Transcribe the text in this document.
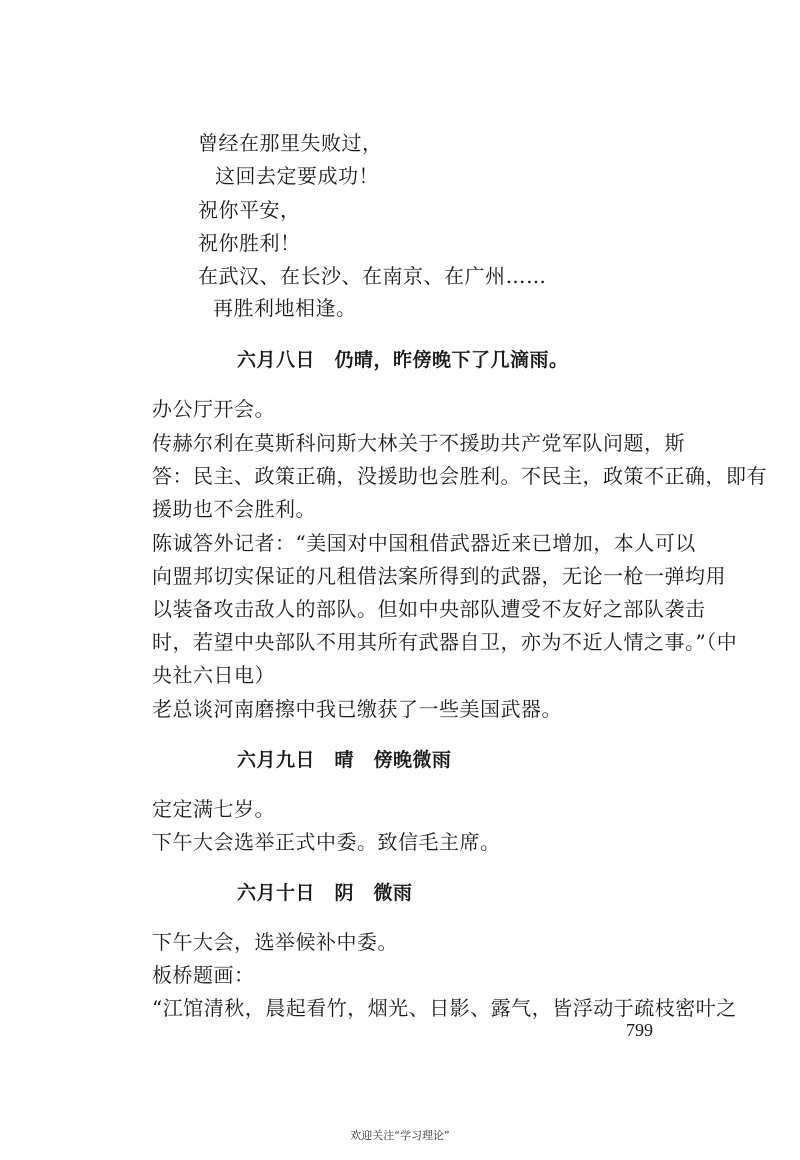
曾经在那里失败过，
这回去定要成功！
祝你平安，
祝你胜利！
在武汉、在长沙、在南京、在广州……
再胜利地相逢。
六月八日　仍晴，昨傍晚下了几滴雨。
办公厅开会。
传赫尔利在莫斯科问斯大林关于不援助共产党军队问题，斯
答：民主、政策正确，没援助也会胜利。不民主，政策不正确，即有
援助也不会胜利。
陈诚答外记者：“美国对中国租借武器近来已增加，本人可以
向盟邦切实保证的凡租借法案所得到的武器，无论一枪一弹均用
以装备攻击敌人的部队。但如中央部队遭受不友好之部队袭击
时，若望中央部队不用其所有武器自卫，亦为不近人情之事。”（中
央社六日电）
老总谈河南磨擦中我已缴获了一些美国武器。
六月九日　晴　傍晚微雨
定定满七岁。
下午大会选举正式中委。致信毛主席。
六月十日　阴　微雨
下午大会，选举候补中委。
板桥题画：
“江馆清秋，晨起看竹，烟光、日影、露气，皆浮动于疏枝密叶之
799
欢迎关注“学习理论”
